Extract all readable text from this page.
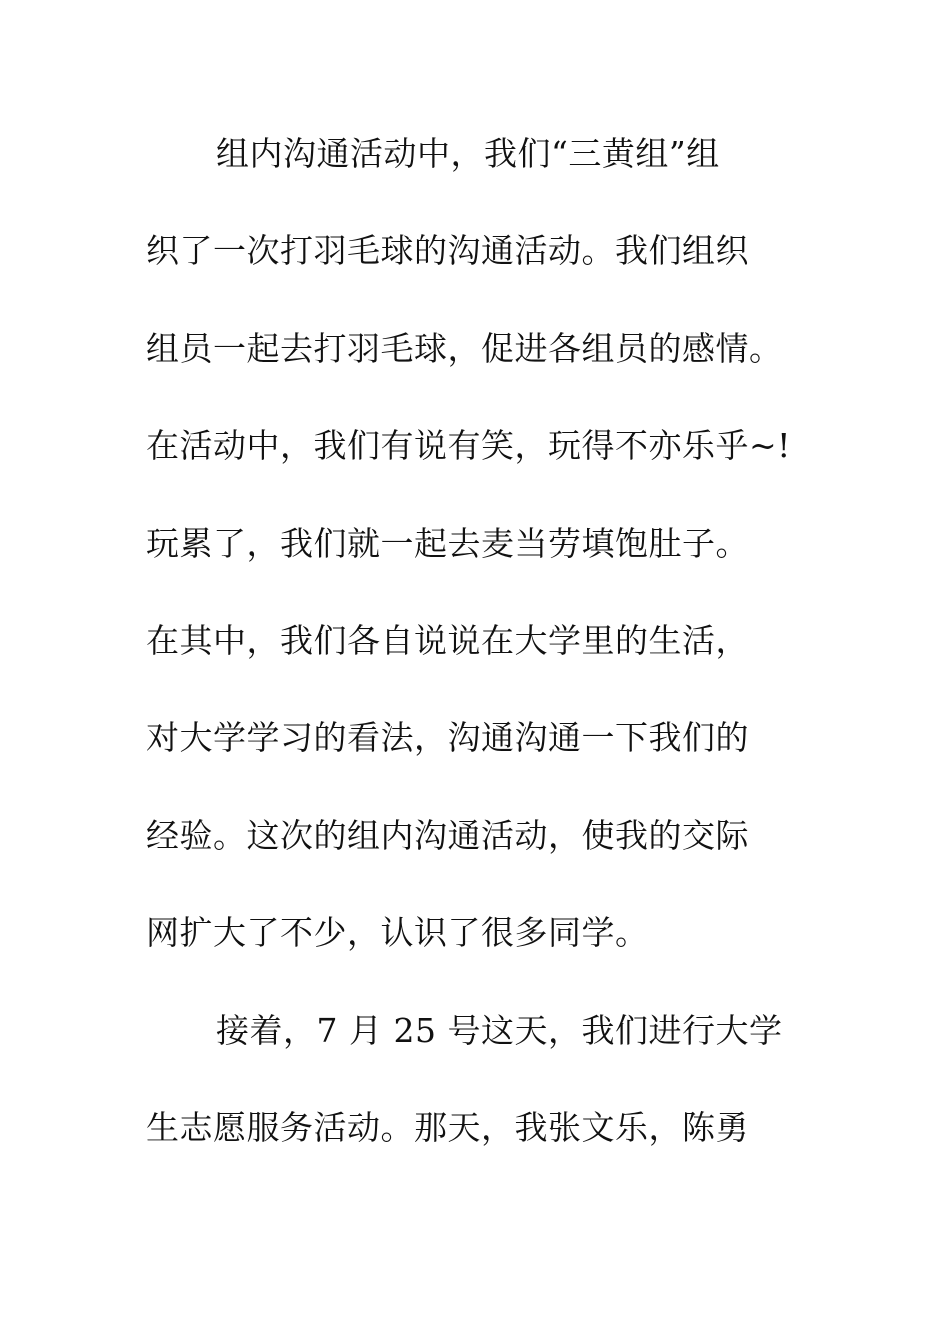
组内沟通活动中，我们“三黄组”组
织了一次打羽毛球的沟通活动。我们组织
组员一起去打羽毛球，促进各组员的感情。
在活动中，我们有说有笑，玩得不亦乐乎~!
玩累了，我们就一起去麦当劳填饱肚子。
在其中，我们各自说说在大学里的生活，
对大学学习的看法，沟通沟通一下我们的
经验。这次的组内沟通活动，使我的交际
网扩大了不少，认识了很多同学。
接着，7 月 25 号这天，我们进行大学
生志愿服务活动。那天，我张文乐，陈勇
